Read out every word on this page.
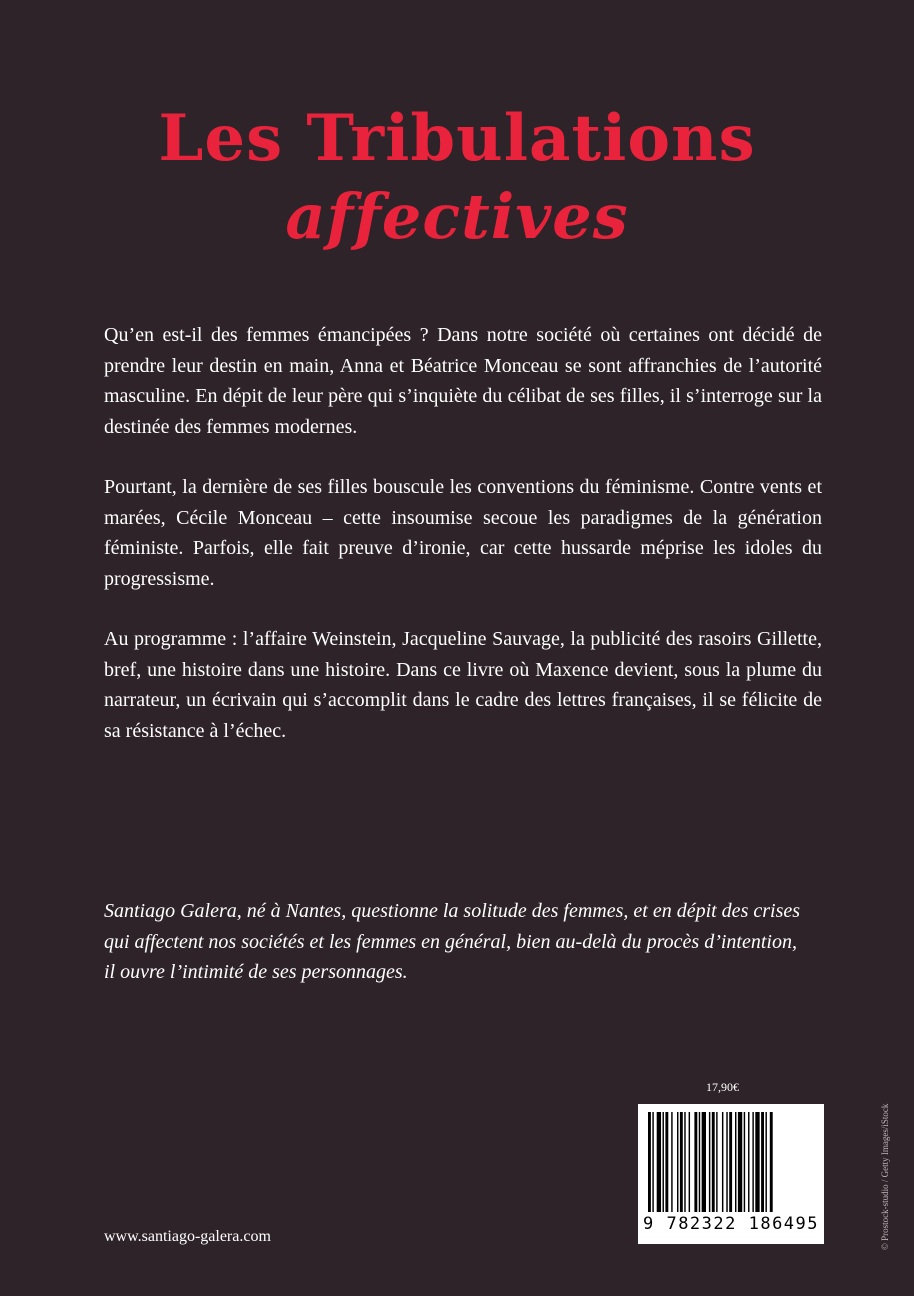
Les Tribulations
affectives

Qu’en est-il des femmes émancipées ? Dans notre société où certaines ont décidé de prendre leur destin en main, Anna et Béatrice Monceau se sont affranchies de l’autorité masculine. En dépit de leur père qui s’inquiète du célibat de ses filles, il s’interroge sur la destinée des femmes modernes.

Pourtant, la dernière de ses filles bouscule les conventions du féminisme. Contre vents et marées, Cécile Monceau – cette insoumise secoue les paradigmes de la génération féministe. Parfois, elle fait preuve d’ironie, car cette hussarde méprise les idoles du progressisme.

Au programme : l’affaire Weinstein, Jacqueline Sauvage, la publicité des rasoirs Gillette, bref, une histoire dans une histoire. Dans ce livre où Maxence devient, sous la plume du narrateur, un écrivain qui s’accomplit dans le cadre des lettres françaises, il se félicite de sa résistance à l’échec.

Santiago Galera, né à Nantes, questionne la solitude des femmes, et en dépit des crises qui affectent nos sociétés et les femmes en général, bien au-delà du procès d’intention, il ouvre l’intimité de ses personnages.

17,90€
9 782322 186495
www.santiago-galera.com	© Prostock-studio / Getty Images/iStock
